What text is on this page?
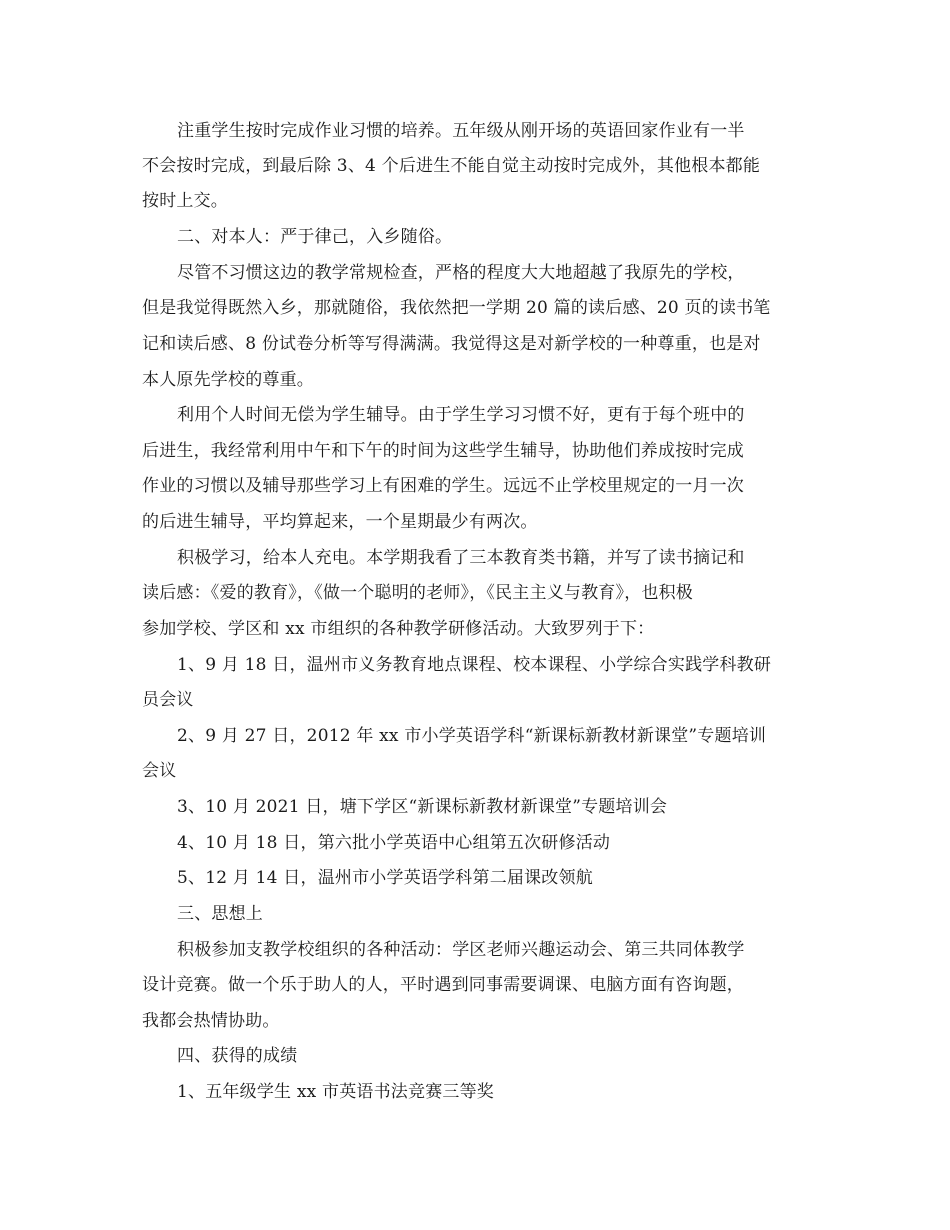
注重学生按时完成作业习惯的培养。五年级从刚开场的英语回家作业有一半
不会按时完成，到最后除 3、4 个后进生不能自觉主动按时完成外，其他根本都能
按时上交。
二、对本人：严于律己，入乡随俗。
尽管不习惯这边的教学常规检查，严格的程度大大地超越了我原先的学校，
但是我觉得既然入乡，那就随俗，我依然把一学期 20 篇的读后感、20 页的读书笔
记和读后感、8 份试卷分析等写得满满。我觉得这是对新学校的一种尊重，也是对
本人原先学校的尊重。
利用个人时间无偿为学生辅导。由于学生学习习惯不好，更有于每个班中的
后进生，我经常利用中午和下午的时间为这些学生辅导，协助他们养成按时完成
作业的习惯以及辅导那些学习上有困难的学生。远远不止学校里规定的一月一次
的后进生辅导，平均算起来，一个星期最少有两次。
积极学习，给本人充电。本学期我看了三本教育类书籍，并写了读书摘记和
读后感：《爱的教育》，《做一个聪明的老师》，《民主主义与教育》，也积极
参加学校、学区和 xx 市组织的各种教学研修活动。大致罗列于下：
1、9 月 18 日，温州市义务教育地点课程、校本课程、小学综合实践学科教研
员会议
2、9 月 27 日，2012 年 xx 市小学英语学科“新课标新教材新课堂”专题培训
会议
3、10 月 2021 日，塘下学区“新课标新教材新课堂”专题培训会
4、10 月 18 日，第六批小学英语中心组第五次研修活动
5、12 月 14 日，温州市小学英语学科第二届课改领航
三、思想上
积极参加支教学校组织的各种活动：学区老师兴趣运动会、第三共同体教学
设计竞赛。做一个乐于助人的人，平时遇到同事需要调课、电脑方面有咨询题，
我都会热情协助。
四、获得的成绩
1、五年级学生 xx 市英语书法竞赛三等奖
